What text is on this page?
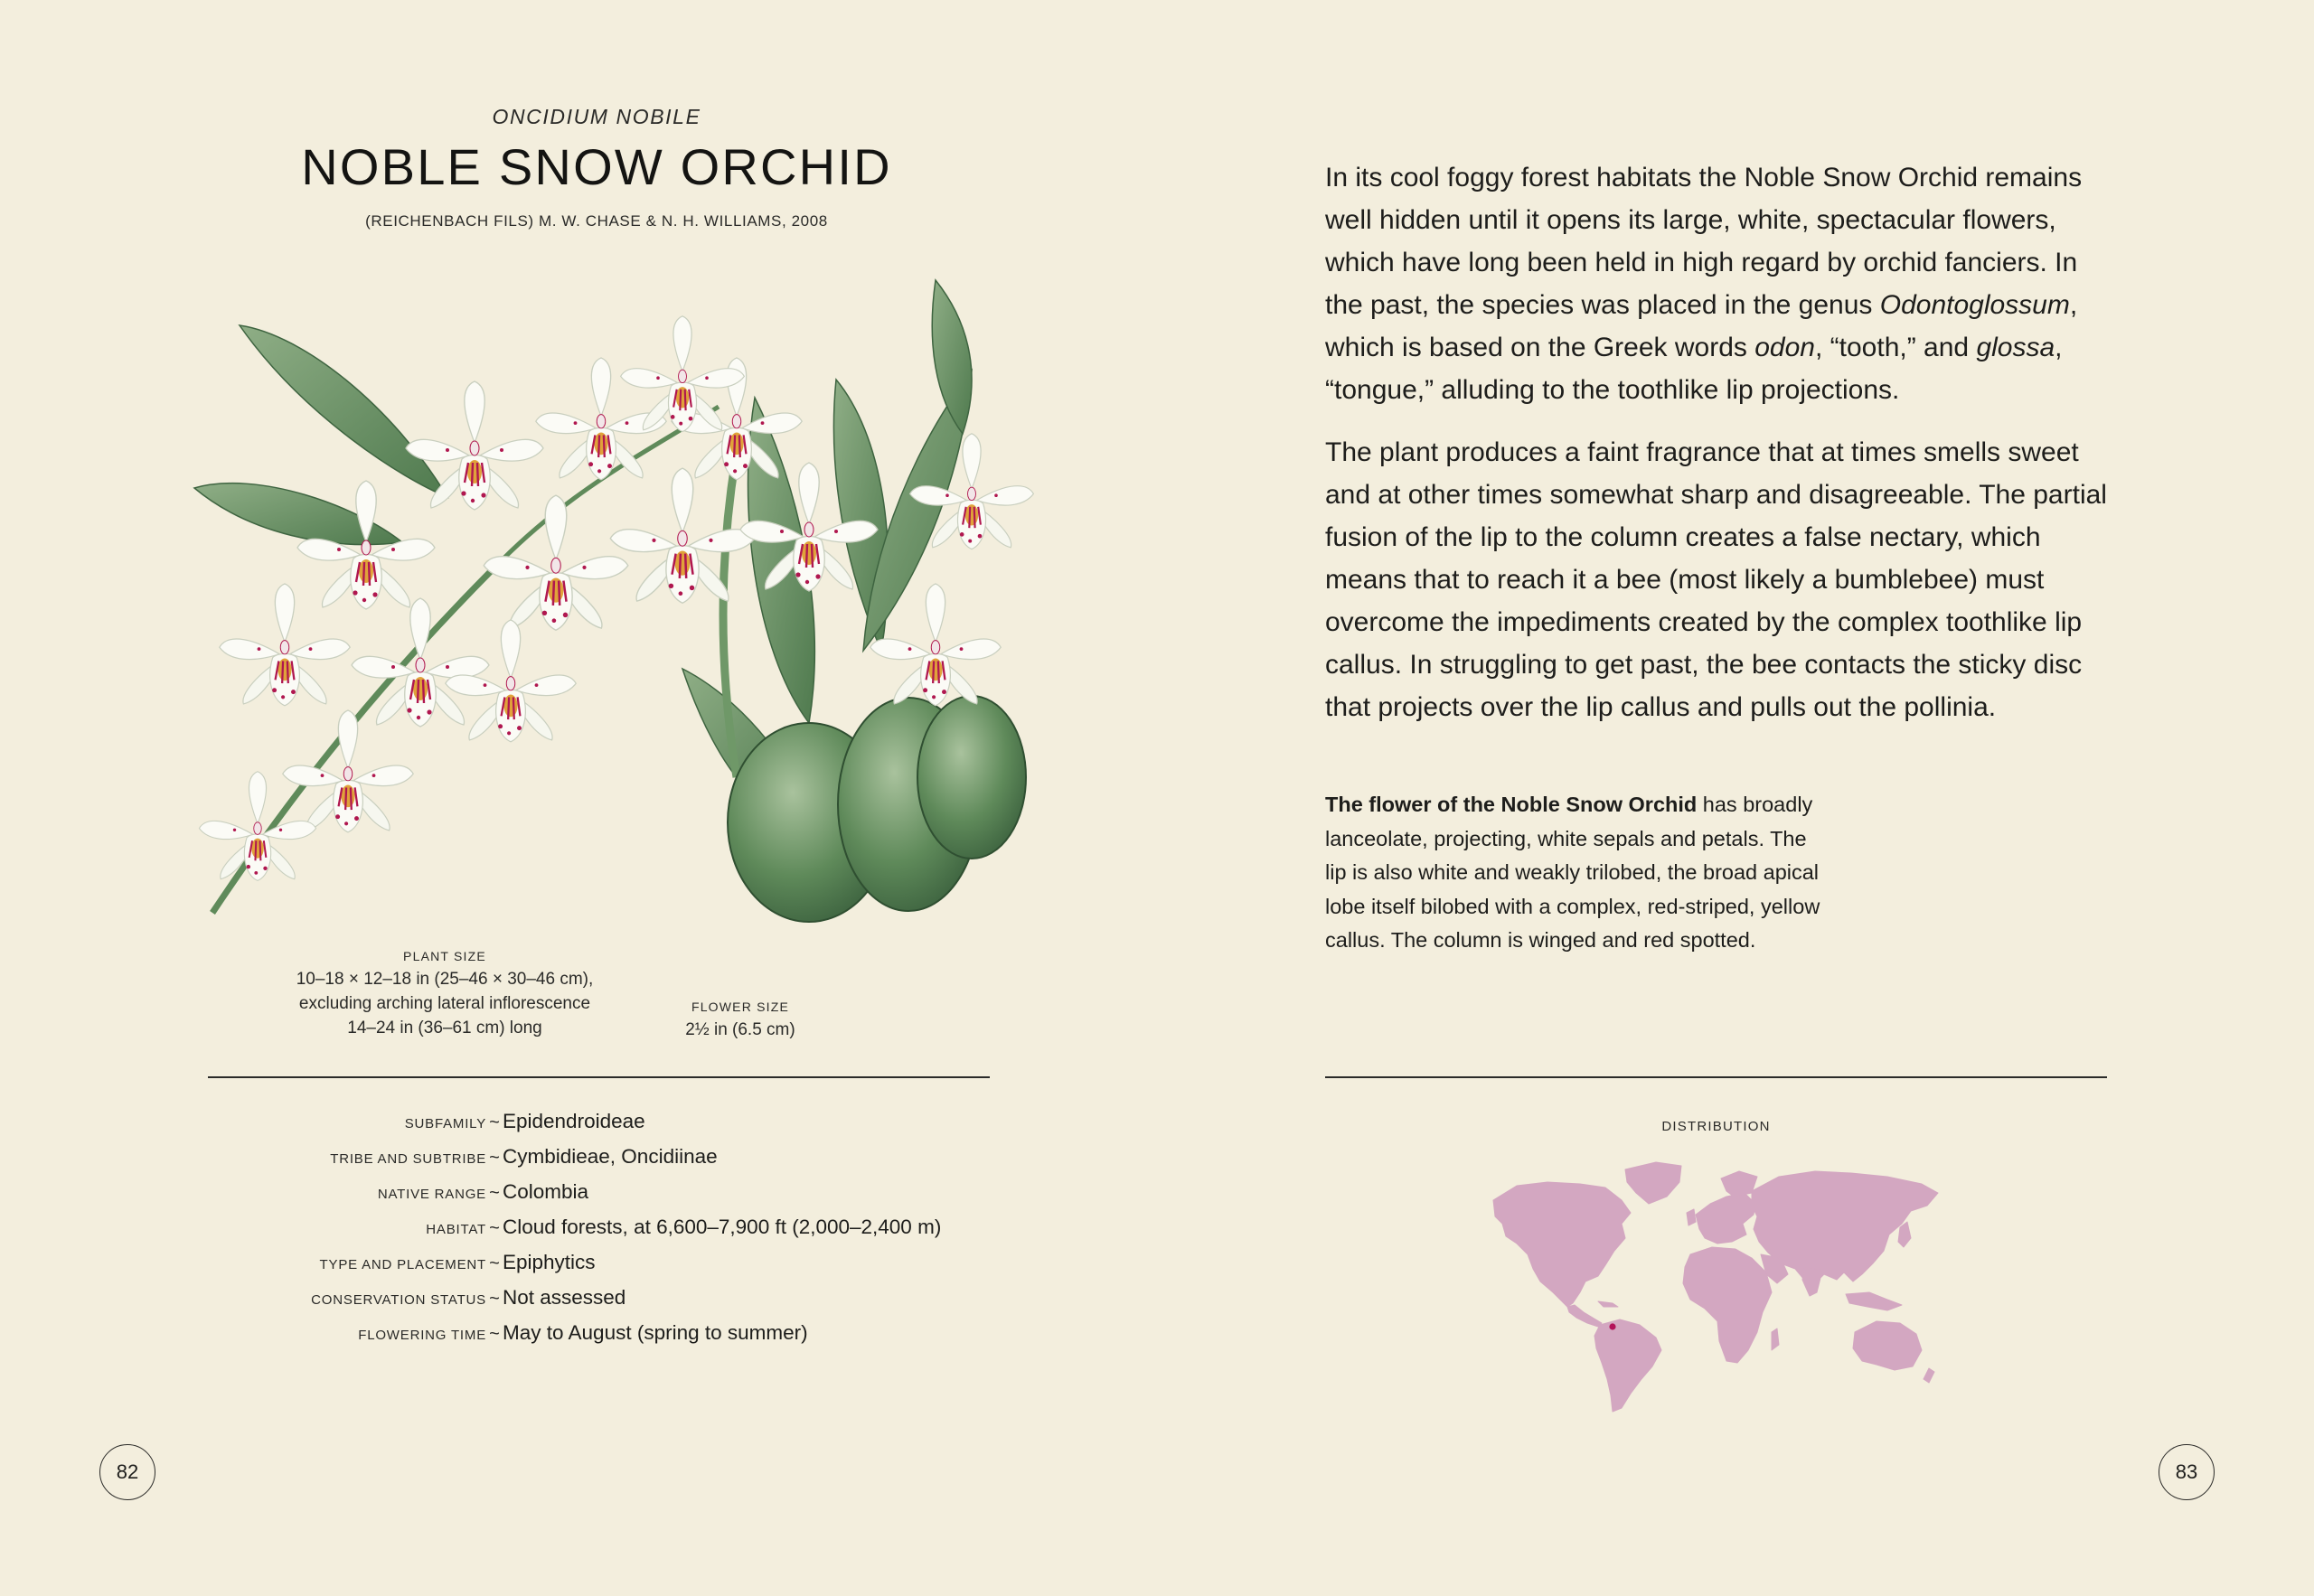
ONCIDIUM NOBILE
NOBLE SNOW ORCHID
(REICHENBACH FILS) M. W. CHASE & N. H. WILLIAMS, 2008
PLANT SIZE
10–18 × 12–18 in (25–46 × 30–46 cm),
excluding arching lateral inflorescence
14–24 in (36–61 cm) long
FLOWER SIZE
2½ in (6.5 cm)
SUBFAMILY ~ Epidendroideae
TRIBE AND SUBTRIBE ~ Cymbidieae, Oncidiinae
NATIVE RANGE ~ Colombia
HABITAT ~ Cloud forests, at 6,600–7,900 ft (2,000–2,400 m)
TYPE AND PLACEMENT ~ Epiphytics
CONSERVATION STATUS ~ Not assessed
FLOWERING TIME ~ May to August (spring to summer)
82

In its cool foggy forest habitats the Noble Snow Orchid remains well hidden until it opens its large, white, spectacular flowers, which have long been held in high regard by orchid fanciers. In the past, the species was placed in the genus Odontoglossum, which is based on the Greek words odon, “tooth,” and glossa, “tongue,” alluding to the toothlike lip projections.

The plant produces a faint fragrance that at times smells sweet and at other times somewhat sharp and disagreeable. The partial fusion of the lip to the column creates a false nectary, which means that to reach it a bee (most likely a bumblebee) must overcome the impediments created by the complex toothlike lip callus. In struggling to get past, the bee contacts the sticky disc that projects over the lip callus and pulls out the pollinia.

The flower of the Noble Snow Orchid has broadly lanceolate, projecting, white sepals and petals. The lip is also white and weakly trilobed, the broad apical lobe itself bilobed with a complex, red-striped, yellow callus. The column is winged and red spotted.
DISTRIBUTION
83
